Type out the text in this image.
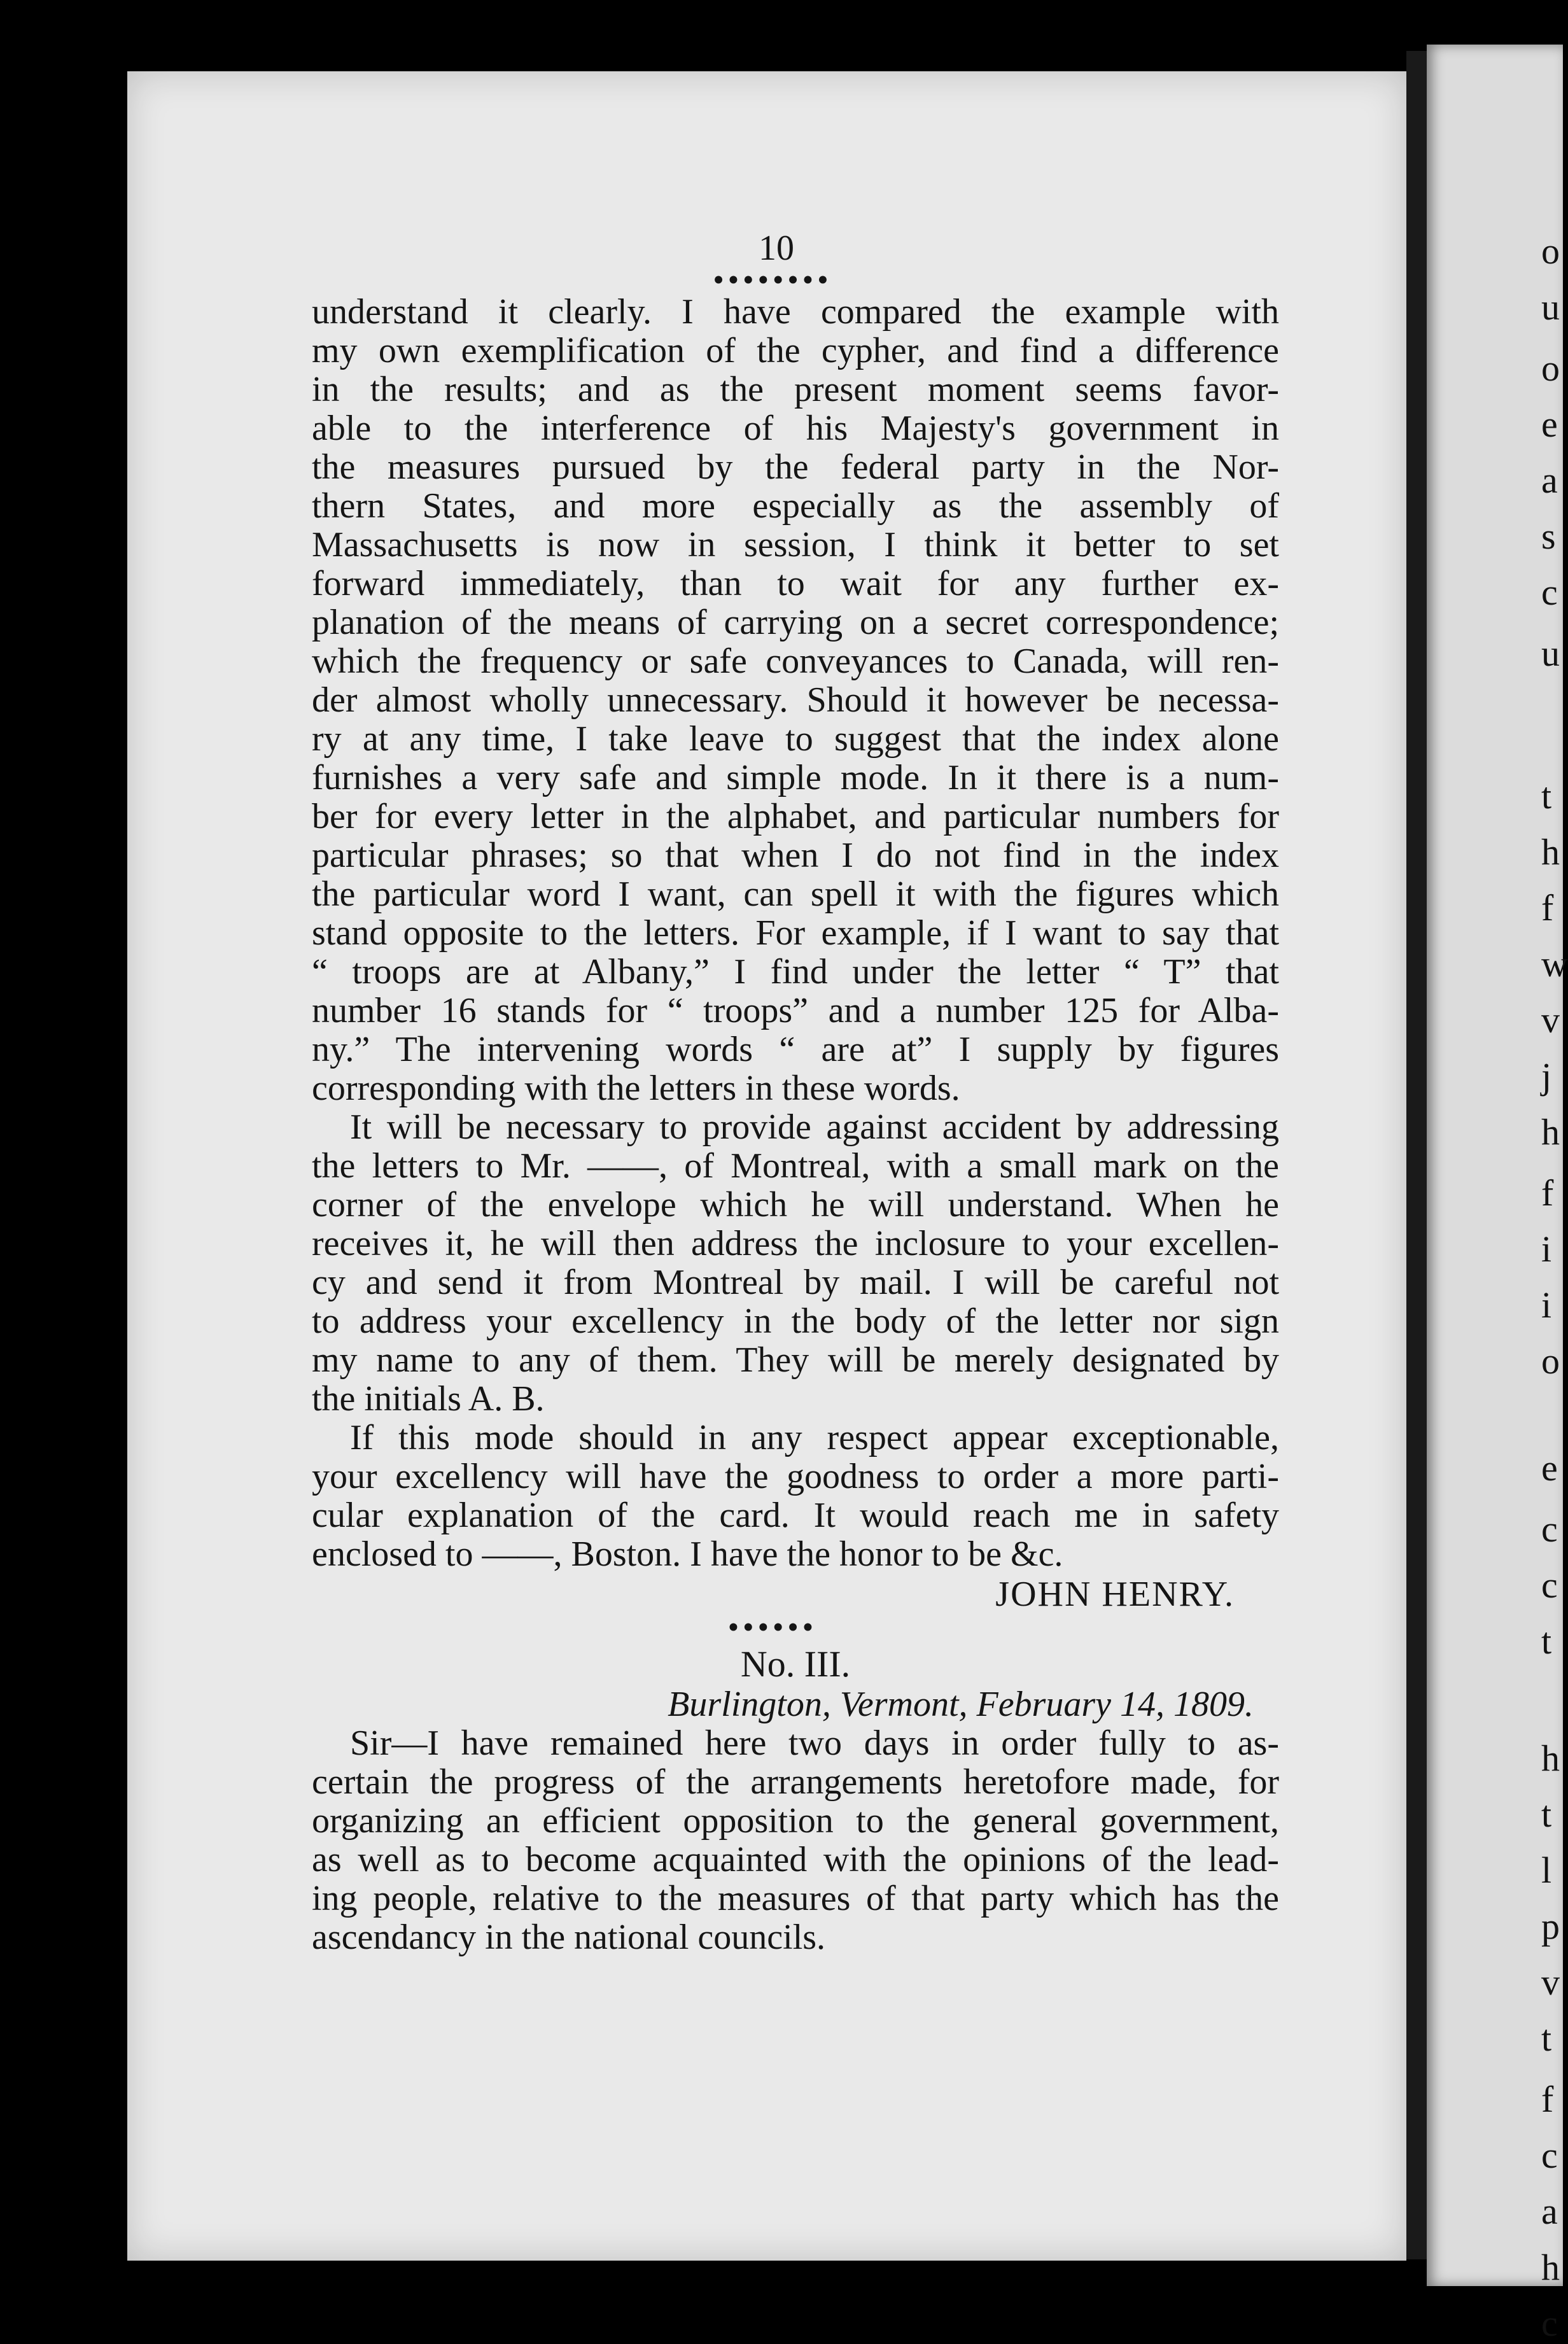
o
u
o
e
a
s
c
u
t
h
f
w
v
j
h
f
i
i
o
e
c
c
t
h
t
l
p
v
t
f
c
a
h
c
10
••••••••
understand it clearly. I have compared the example with
my own exemplification of the cypher, and find a difference
in the results; and as the present moment seems favor-
able to the interference of his Majesty's government in
the measures pursued by the federal party in the Nor-
thern States, and more especially as the assembly of
Massachusetts is now in session, I think it better to set
forward immediately, than to wait for any further ex-
planation of the means of carrying on a secret correspondence;
which the frequency or safe conveyances to Canada, will ren-
der almost wholly unnecessary. Should it however be necessa-
ry at any time, I take leave to suggest that the index alone
furnishes a very safe and simple mode. In it there is a num-
ber for every letter in the alphabet, and particular numbers for
particular phrases; so that when I do not find in the index
the particular word I want, can spell it with the figures which
stand opposite to the letters. For example, if I want to say that
“ troops are at Albany,” I find under the letter “ T” that
number 16 stands for “ troops” and a number 125 for Alba-
ny.” The intervening words “ are at” I supply by figures
corresponding with the letters in these words.
It will be necessary to provide against accident by addressing
the letters to Mr. ——, of Montreal, with a small mark on the
corner of the envelope which he will understand. When he
receives it, he will then address the inclosure to your excellen-
cy and send it from Montreal by mail. I will be careful not
to address your excellency in the body of the letter nor sign
my name to any of them. They will be merely designated by
the initials A. B.
If this mode should in any respect appear exceptionable,
your excellency will have the goodness to order a more parti-
cular explanation of the card. It would reach me in safety
enclosed to ——, Boston. I have the honor to be &c.
JOHN HENRY.
••••••
No. III.
Burlington, Vermont, February 14, 1809.
Sir—I have remained here two days in order fully to as-
certain the progress of the arrangements heretofore made, for
organizing an efficient opposition to the general government,
as well as to become acquainted with the opinions of the lead-
ing people, relative to the measures of that party which has the
ascendancy in the national councils.
